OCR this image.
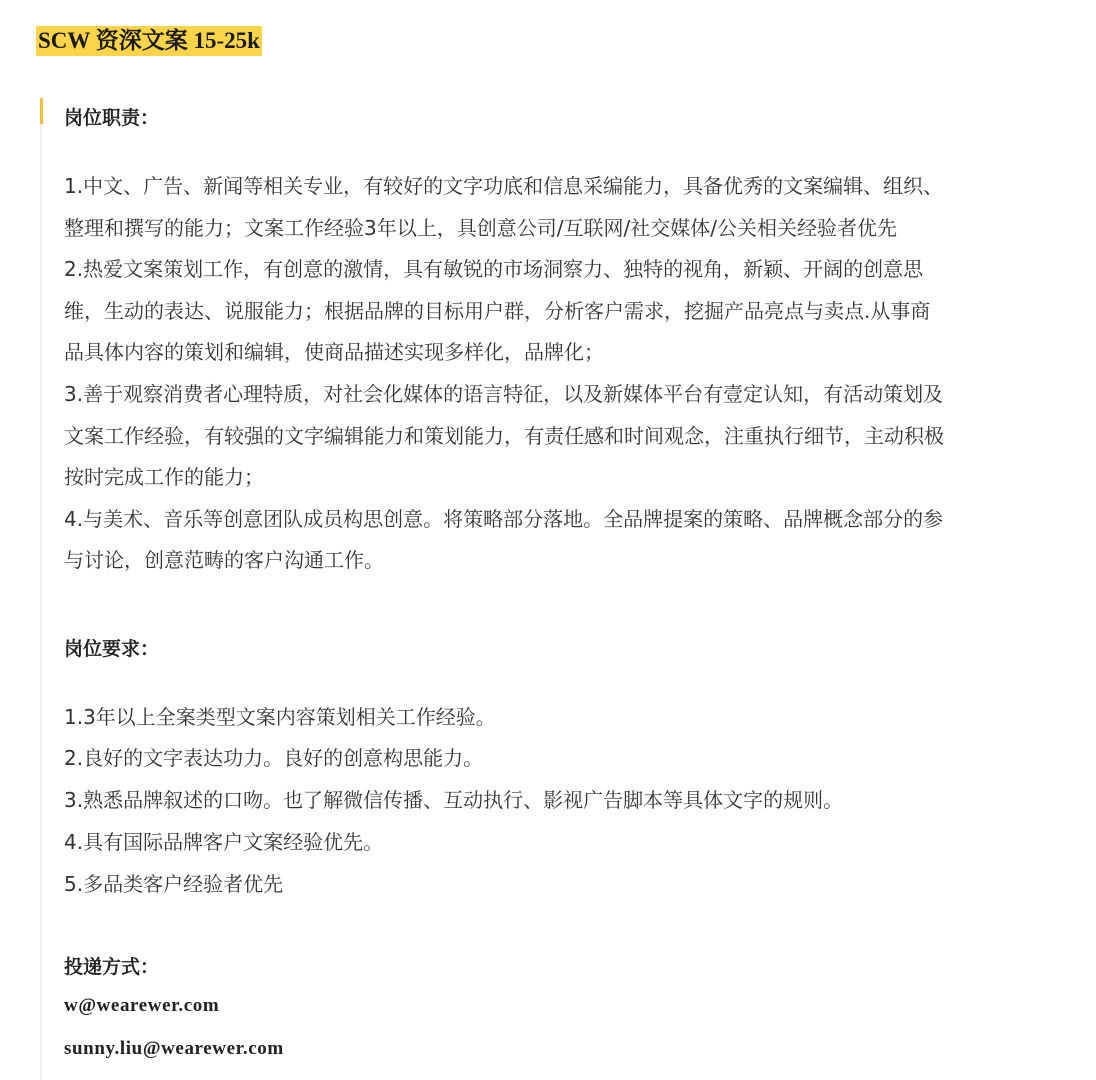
SCW 资深文案 15-25k
岗位职责：
1.中文、广告、新闻等相关专业，有较好的文字功底和信息采编能力，具备优秀的文案编辑、组织、
整理和撰写的能力；文案工作经验3年以上，具创意公司/互联网/社交媒体/公关相关经验者优先
2.热爱文案策划工作，有创意的激情，具有敏锐的市场洞察力、独特的视角，新颖、开阔的创意思
维，生动的表达、说服能力；根据品牌的目标用户群，分析客户需求，挖掘产品亮点与卖点.从事商
品具体内容的策划和编辑，使商品描述实现多样化，品牌化；
3.善于观察消费者心理特质，对社会化媒体的语言特征，以及新媒体平台有壹定认知，有活动策划及
文案工作经验，有较强的文字编辑能力和策划能力，有责任感和时间观念，注重执行细节，主动积极
按时完成工作的能力；
4.与美术、音乐等创意团队成员构思创意。将策略部分落地。全品牌提案的策略、品牌概念部分的参
与讨论，创意范畴的客户沟通工作。
岗位要求：
1.3年以上全案类型文案内容策划相关工作经验。
2.良好的文字表达功力。良好的创意构思能力。
3.熟悉品牌叙述的口吻。也了解微信传播、互动执行、影视广告脚本等具体文字的规则。
4.具有国际品牌客户文案经验优先。
5.多品类客户经验者优先
投递方式：
w@wearewer.com
sunny.liu@wearewer.com
